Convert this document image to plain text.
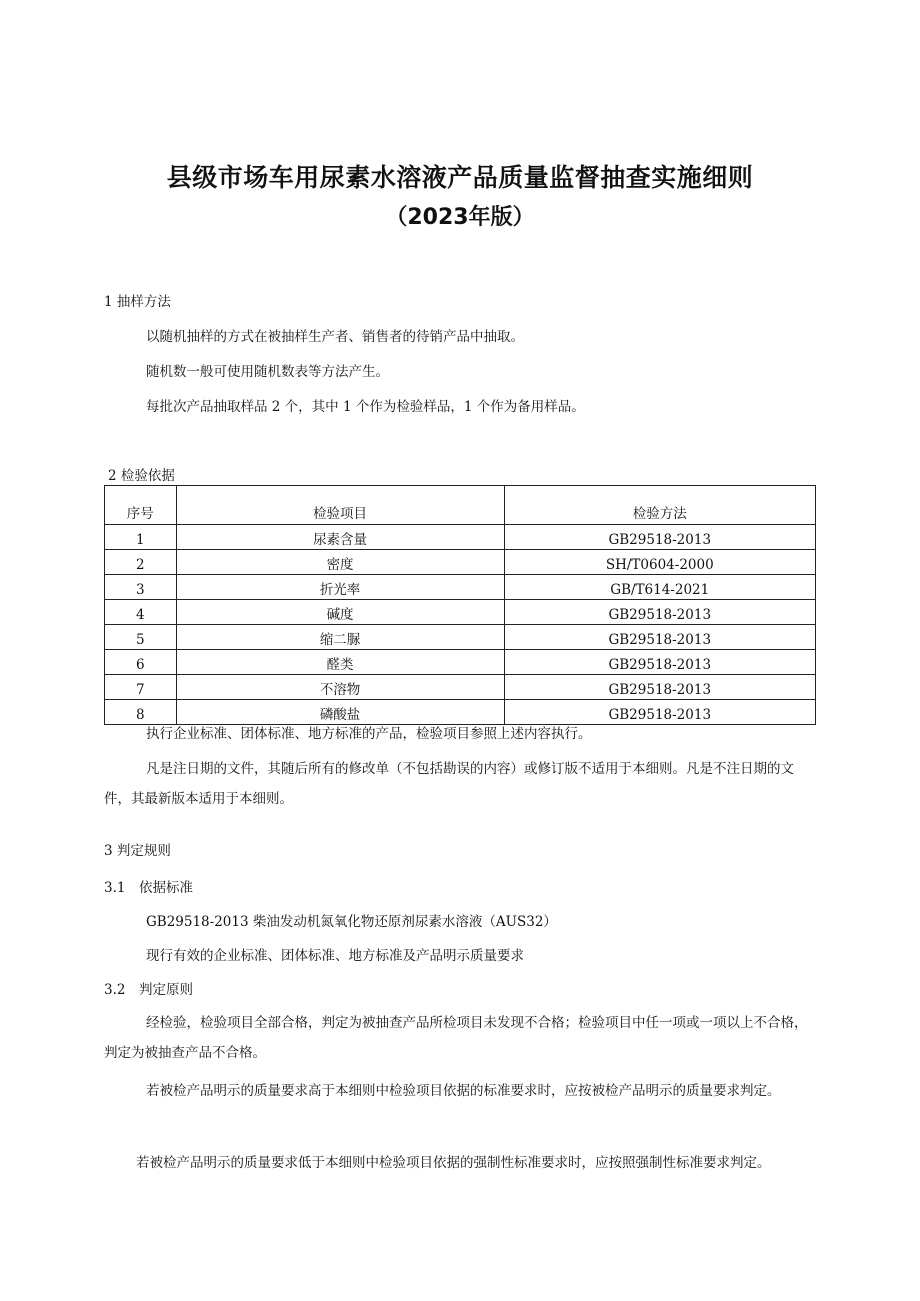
县级市场车用尿素水溶液产品质量监督抽查实施细则
（2023年版）

1 抽样方法

以随机抽样的方式在被抽样生产者、销售者的待销产品中抽取。

随机数一般可使用随机数表等方法产生。

每批次产品抽取样品 2 个，其中 1 个作为检验样品，1 个作为备用样品。

2 检验依据

序号	检验项目	检验方法
1	尿素含量	GB29518-2013
2	密度	SH/T0604-2000
3	折光率	GB/T614-2021
4	碱度	GB29518-2013
5	缩二脲	GB29518-2013
6	醛类	GB29518-2013
7	不溶物	GB29518-2013
8	磷酸盐	GB29518-2013

执行企业标准、团体标准、地方标准的产品，检验项目参照上述内容执行。

凡是注日期的文件，其随后所有的修改单（不包括勘误的内容）或修订版不适用于本细则。凡是不注日期的文件，其最新版本适用于本细则。

3 判定规则

3.1　依据标准

GB29518-2013 柴油发动机氮氧化物还原剂尿素水溶液（AUS32）

现行有效的企业标准、团体标准、地方标准及产品明示质量要求

3.2　判定原则

经检验，检验项目全部合格，判定为被抽查产品所检项目未发现不合格；检验项目中任一项或一项以上不合格，判定为被抽查产品不合格。

若被检产品明示的质量要求高于本细则中检验项目依据的标准要求时，应按被检产品明示的质量要求判定。

若被检产品明示的质量要求低于本细则中检验项目依据的强制性标准要求时，应按照强制性标准要求判定。
